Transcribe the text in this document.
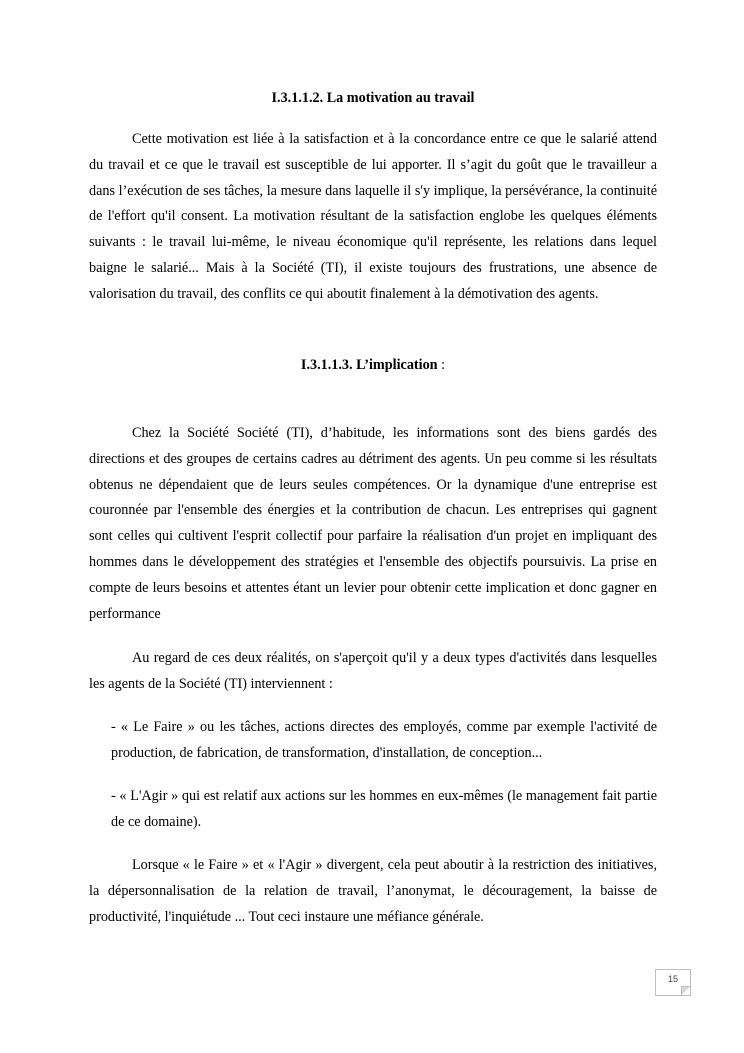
I.3.1.1.2. La motivation au travail

Cette motivation est liée à la satisfaction et à la concordance entre ce que le salarié attend du travail et ce que le travail est susceptible de lui apporter. Il s’agit du goût que le travailleur a dans l’exécution de ses tâches, la mesure dans laquelle il s'y implique, la persévérance, la continuité de l'effort qu'il consent. La motivation résultant de la satisfaction englobe les quelques éléments suivants : le travail lui-même, le niveau économique qu'il représente, les relations dans lequel baigne le salarié... Mais à la Société (TI), il existe toujours des frustrations, une absence de valorisation du travail, des conflits ce qui aboutit finalement à la démotivation des agents.

I.3.1.1.3. L’implication :

Chez la Société Société (TI), d’habitude, les informations sont des biens gardés des directions et des groupes de certains cadres au détriment des agents. Un peu comme si les résultats obtenus ne dépendaient que de leurs seules compétences. Or la dynamique d'une entreprise est couronnée par l'ensemble des énergies et la contribution de chacun. Les entreprises qui gagnent sont celles qui cultivent l'esprit collectif pour parfaire la réalisation d'un projet en impliquant des hommes dans le développement des stratégies et l'ensemble des objectifs poursuivis. La prise en compte de leurs besoins et attentes étant un levier pour obtenir cette implication et donc gagner en performance

Au regard de ces deux réalités, on s'aperçoit qu'il y a deux types d'activités dans lesquelles les agents de la Société (TI) interviennent :

- « Le Faire » ou les tâches, actions directes des employés, comme par exemple l'activité de production, de fabrication, de transformation, d'installation, de conception...

- « L'Agir » qui est relatif aux actions sur les hommes en eux-mêmes (le management fait partie de ce domaine).

Lorsque « le Faire » et « l'Agir » divergent, cela peut aboutir à la restriction des initiatives, la dépersonnalisation de la relation de travail, l’anonymat, le découragement, la baisse de productivité, l'inquiétude ... Tout ceci instaure une méfiance générale.

15
